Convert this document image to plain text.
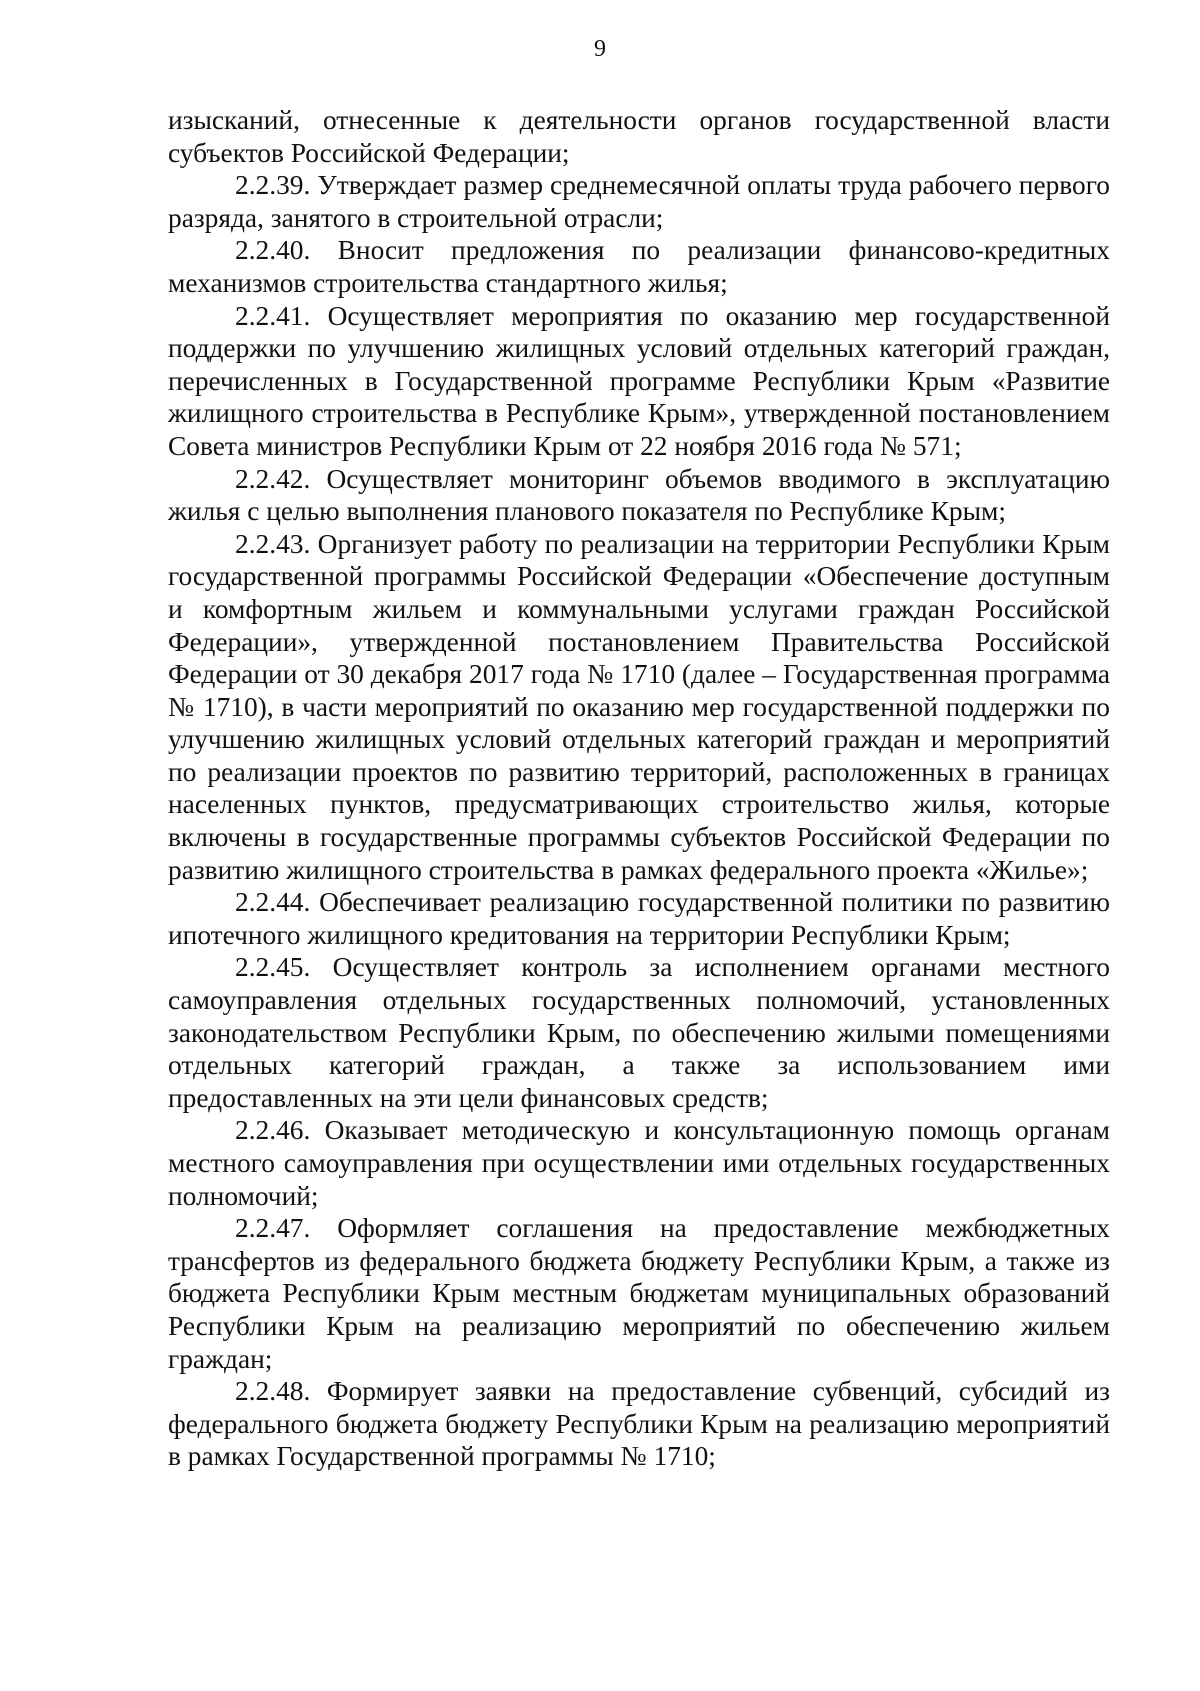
9

изысканий, отнесенные к деятельности органов государственной власти субъектов Российской Федерации;

2.2.39. Утверждает размер среднемесячной оплаты труда рабочего первого разряда, занятого в строительной отрасли;

2.2.40. Вносит предложения по реализации финансово-кредитных механизмов строительства стандартного жилья;

2.2.41. Осуществляет мероприятия по оказанию мер государственной поддержки по улучшению жилищных условий отдельных категорий граждан, перечисленных в Государственной программе Республики Крым «Развитие жилищного строительства в Республике Крым», утвержденной постановлением Совета министров Республики Крым от 22 ноября 2016 года № 571;

2.2.42. Осуществляет мониторинг объемов вводимого в эксплуатацию жилья с целью выполнения планового показателя по Республике Крым;

2.2.43. Организует работу по реализации на территории Республики Крым государственной программы Российской Федерации «Обеспечение доступным и комфортным жильем и коммунальными услугами граждан Российской Федерации», утвержденной постановлением Правительства Российской Федерации от 30 декабря 2017 года № 1710 (далее – Государственная программа № 1710), в части мероприятий по оказанию мер государственной поддержки по улучшению жилищных условий отдельных категорий граждан и мероприятий по реализации проектов по развитию территорий, расположенных в границах населенных пунктов, предусматривающих строительство жилья, которые включены в государственные программы субъектов Российской Федерации по развитию жилищного строительства в рамках федерального проекта «Жилье»;

2.2.44. Обеспечивает реализацию государственной политики по развитию ипотечного жилищного кредитования на территории Республики Крым;

2.2.45. Осуществляет контроль за исполнением органами местного самоуправления отдельных государственных полномочий, установленных законодательством Республики Крым, по обеспечению жилыми помещениями отдельных категорий граждан, а также за использованием ими предоставленных на эти цели финансовых средств;

2.2.46. Оказывает методическую и консультационную помощь органам местного самоуправления при осуществлении ими отдельных государственных полномочий;

2.2.47. Оформляет соглашения на предоставление межбюджетных трансфертов из федерального бюджета бюджету Республики Крым, а также из бюджета Республики Крым местным бюджетам муниципальных образований Республики Крым на реализацию мероприятий по обеспечению жильем граждан;

2.2.48. Формирует заявки на предоставление субвенций, субсидий из федерального бюджета бюджету Республики Крым на реализацию мероприятий в рамках Государственной программы № 1710;
